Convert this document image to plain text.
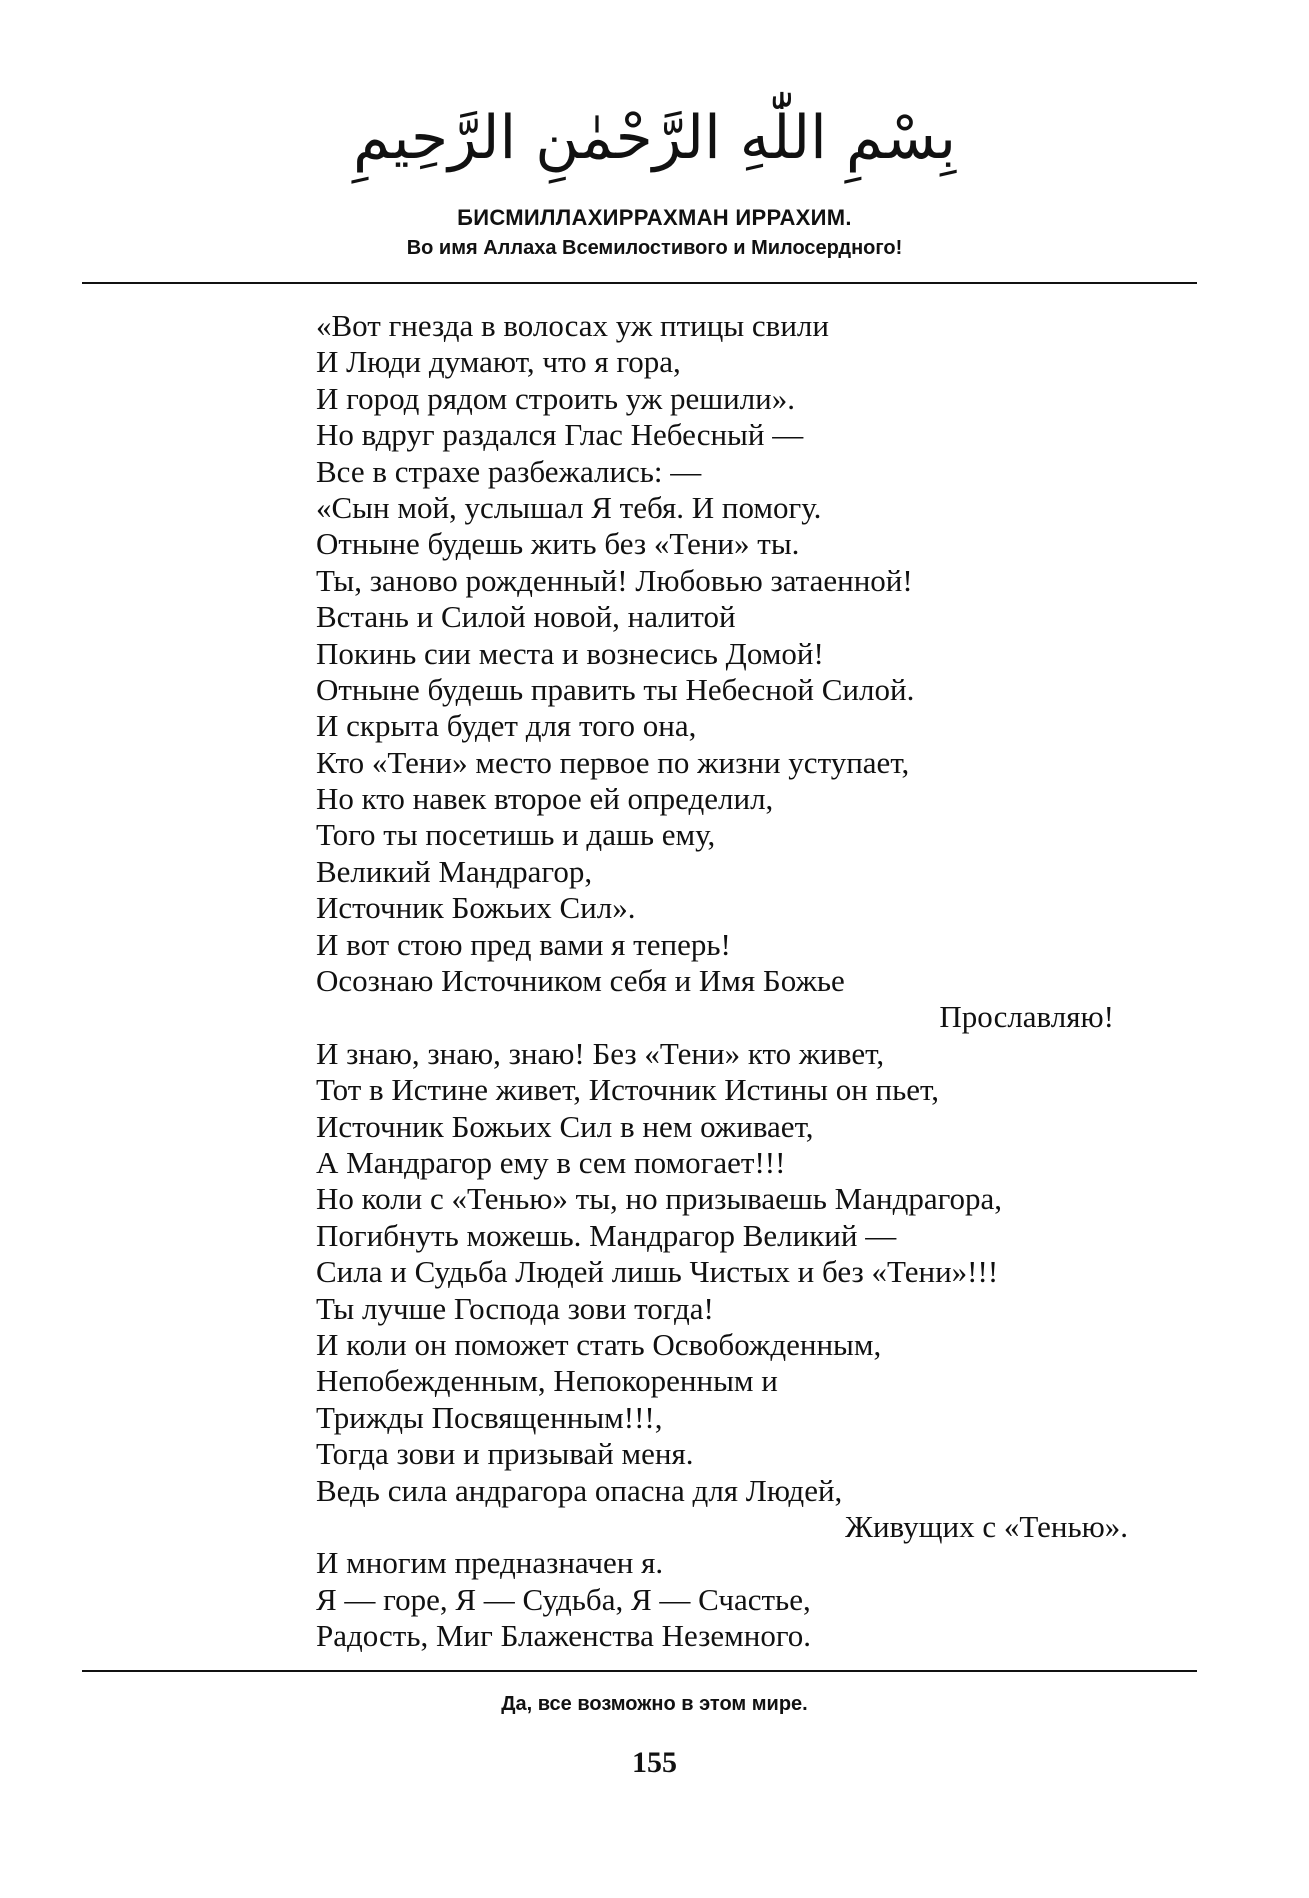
بِسْمِ اللّٰهِ الرَّحْمٰنِ الرَّحِيمِ
БИСМИЛЛАХИРРАХМАН ИРРАХИМ.
Во имя Аллаха Всемилостивого и Милосердного!
«Вот гнезда в волосах уж птицы свили
И Люди думают, что я гора,
И город рядом строить уж решили».
Но вдруг раздался Глас Небесный —
Все в страхе разбежались: —
«Сын мой, услышал Я тебя. И помогу.
Отныне будешь жить без «Тени» ты.
Ты, заново рожденный! Любовью затаенной!
Встань и Силой новой, налитой
Покинь сии места и вознесись Домой!
Отныне будешь править ты Небесной Силой.
И скрыта будет для того она,
Кто «Тени» место первое по жизни уступает,
Но кто навек второе ей определил,
Того ты посетишь и дашь ему,
Великий Мандрагор,
Источник Божьих Сил».
И вот стою пред вами я теперь!
Осознаю Источником себя и Имя Божье
Прославляю!
И знаю, знаю, знаю! Без «Тени» кто живет,
Тот в Истине живет, Источник Истины он пьет,
Источник Божьих Сил в нем оживает,
А Мандрагор ему в сем помогает!!!
Но коли с «Тенью» ты, но призываешь Мандрагора,
Погибнуть можешь. Мандрагор Великий —
Сила и Судьба Людей лишь Чистых и без «Тени»!!!
Ты лучше Господа зови тогда!
И коли он поможет стать Освобожденным,
Непобежденным, Непокоренным и
Трижды Посвященным!!!,
Тогда зови и призывай меня.
Ведь сила андрагора опасна для Людей,
Живущих с «Тенью».
И многим предназначен я.
Я — горе, Я — Судьба, Я — Счастье,
Радость, Миг Блаженства Неземного.
Да, все возможно в этом мире.
155
